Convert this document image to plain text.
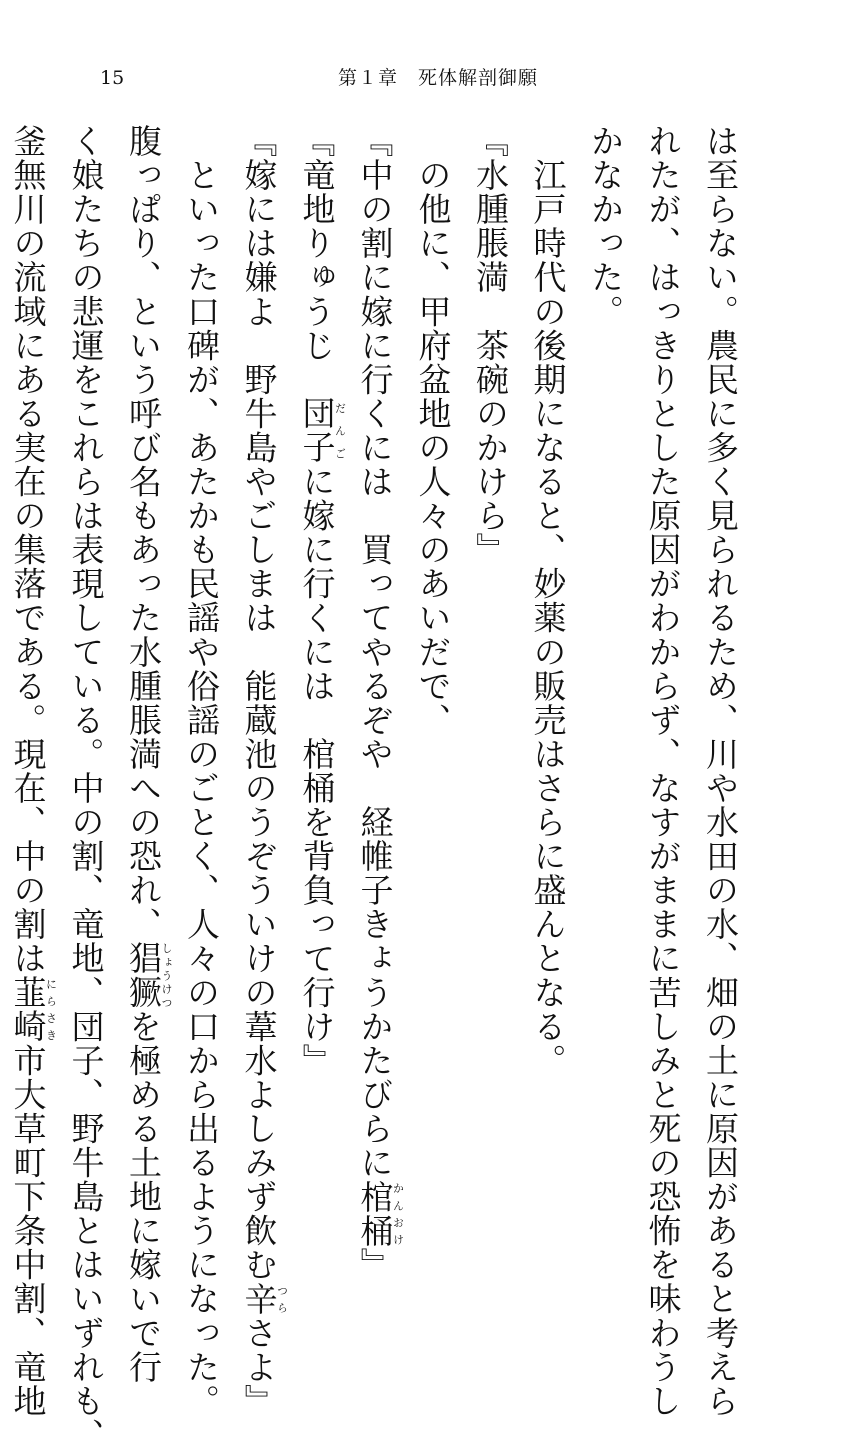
15	第１章　死体解剖御願
は至らない。農民に多く見られるため、川や水田の水、畑の土に原因があると考えら
れたが、はっきりとした原因がわからず、なすがままに苦しみと死の恐怖を味わうし
かなかった。
　江戸時代の後期になると、妙薬の販売はさらに盛んとなる。
『水腫脹満　茶碗のかけら』
　の他に、甲府盆地の人々のあいだで、
『中の割に嫁に行くには　買ってやるぞや　経帷子きょうかたびらに棺桶かんおけ』
『竜地りゅうじ　団子だんごに嫁に行くには　棺桶を背負って行け』
『嫁には嫌よ　野牛島やごしまは　能蔵池のうぞういけの葦水よしみず飲む辛つらさよ』
　といった口碑が、あたかも民謡や俗謡のごとく、人々の口から出るようになった。
腹っぱり、という呼び名もあった水腫脹満への恐れ、猖獗しょうけつを極める土地に嫁いで行
く娘たちの悲運をこれらは表現している。中の割、竜地、団子、野牛島とはいずれも、
釜無川の流域にある実在の集落である。現在、中の割は韮崎にらさき市大草町下条中割、竜地
